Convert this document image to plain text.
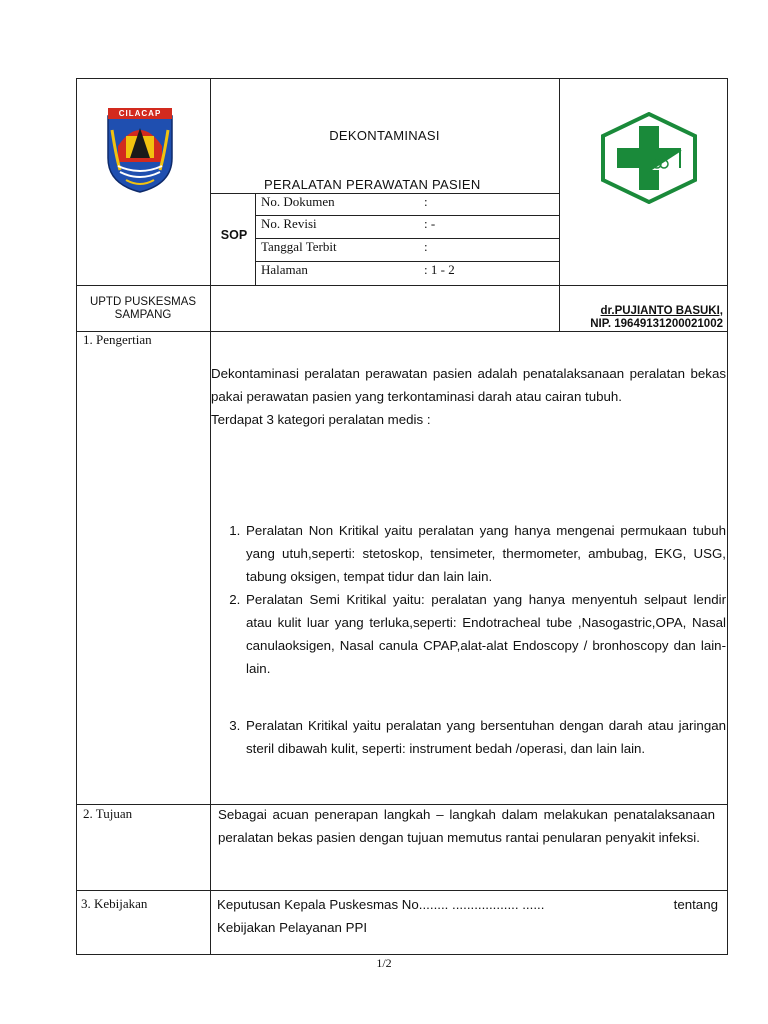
CILACAP
DEKONTAMINASI
PERALATAN PERAWATAN PASIEN
SOP
No. Dokumen	:
No. Revisi	: -
Tanggal Terbit	:
Halaman	: 1 - 2
UPTD PUSKESMAS
SAMPANG	dr.PUJIANTO BASUKI,
NIP. 19649131200021002
1. Pengertian
Dekontaminasi peralatan perawatan pasien adalah penatalaksanaan peralatan bekas pakai perawatan pasien yang terkontaminasi darah atau cairan tubuh.
Terdapat 3 kategori peralatan medis :
1. Peralatan Non Kritikal yaitu peralatan yang hanya mengenai permukaan tubuh yang utuh,seperti: stetoskop, tensimeter, thermometer, ambubag, EKG, USG, tabung oksigen, tempat tidur dan lain lain.
2. Peralatan Semi Kritikal yaitu: peralatan yang hanya menyentuh selpaut lendir atau kulit luar yang terluka,seperti: Endotracheal tube ,Nasogastric,OPA, Nasal canulaoksigen, Nasal canula CPAP,alat-alat Endoscopy / bronhoscopy dan lain- lain.
3. Peralatan Kritikal yaitu peralatan yang bersentuhan dengan darah atau jaringan steril dibawah kulit, seperti: instrument bedah /operasi, dan lain lain.
2. Tujuan	Sebagai acuan penerapan langkah – langkah dalam melakukan penatalaksanaan peralatan bekas pasien dengan tujuan memutus rantai penularan penyakit infeksi.
3. Kebijakan	Keputusan Kepala Puskesmas No........ .................. ......	tentang
Kebijakan Pelayanan PPI
1/2
